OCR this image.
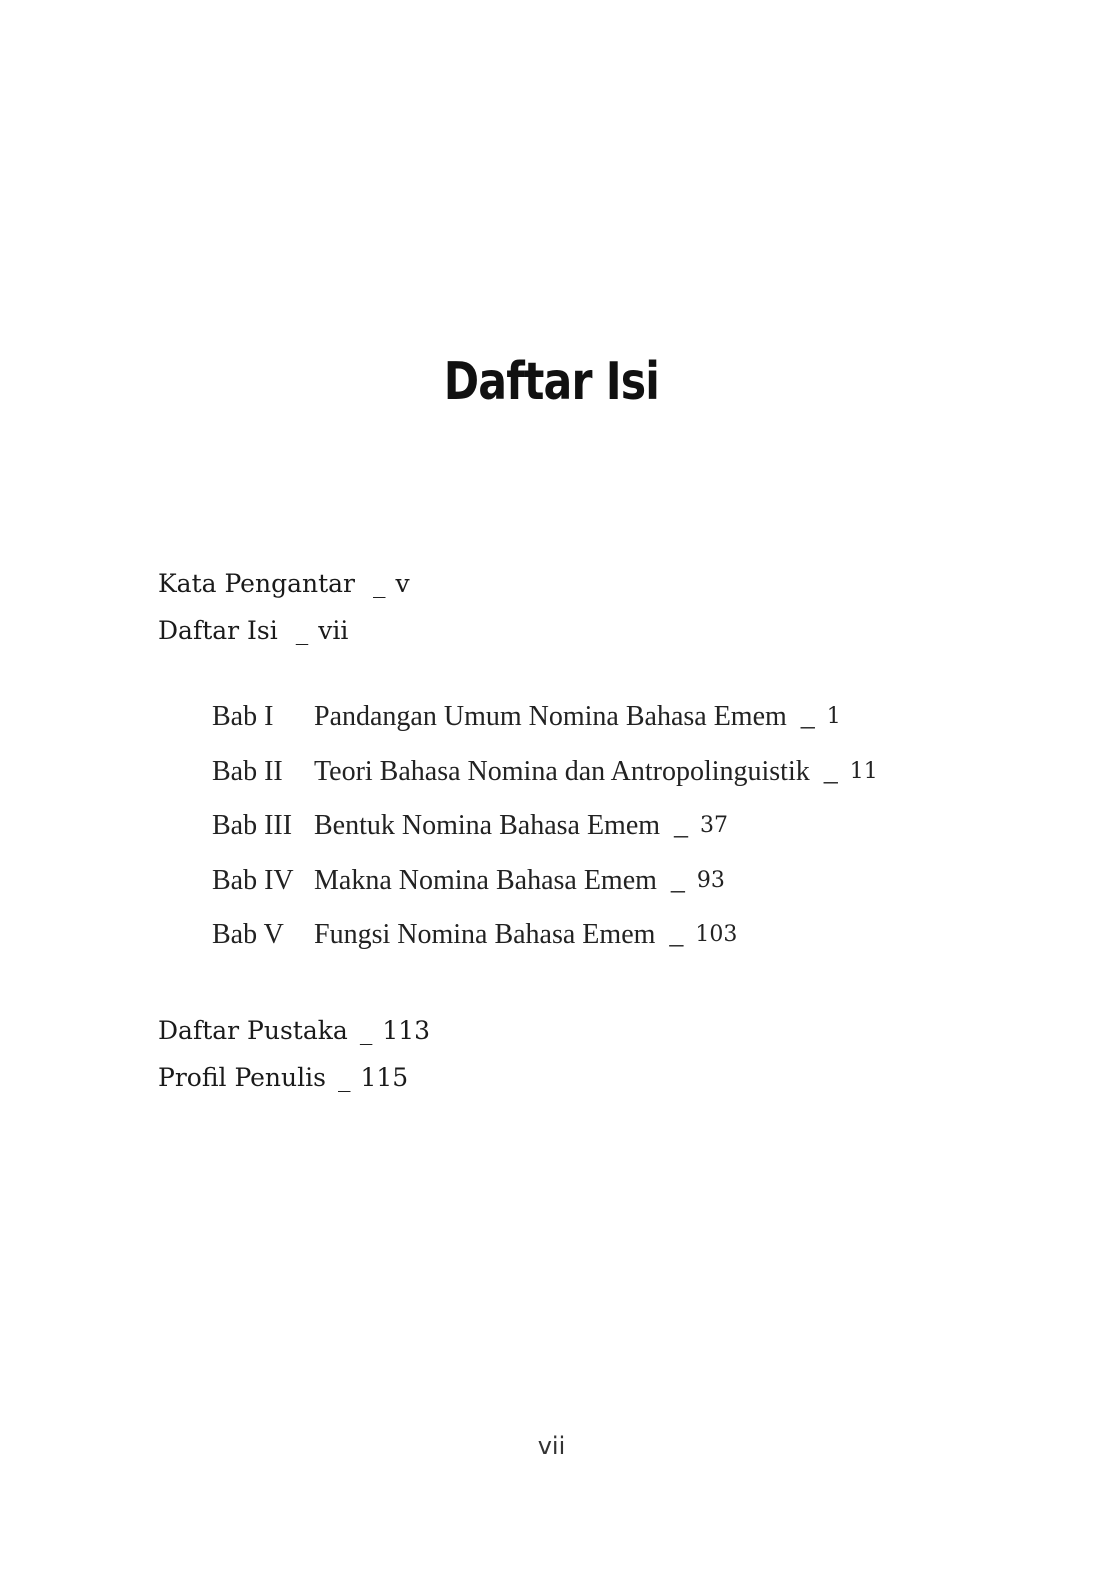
Daftar Isi
Kata Pengantar _ v
Daftar Isi _ vii
Bab I	Pandangan Umum Nomina Bahasa Emem _ 1
Bab II	Teori Bahasa Nomina dan Antropolinguistik _ 11
Bab III Bentuk Nomina Bahasa Emem _ 37
Bab IV Makna Nomina Bahasa Emem _ 93
Bab V	Fungsi Nomina Bahasa Emem _ 103
Daftar Pustaka _ 113
Profil Penulis _ 115
vii
